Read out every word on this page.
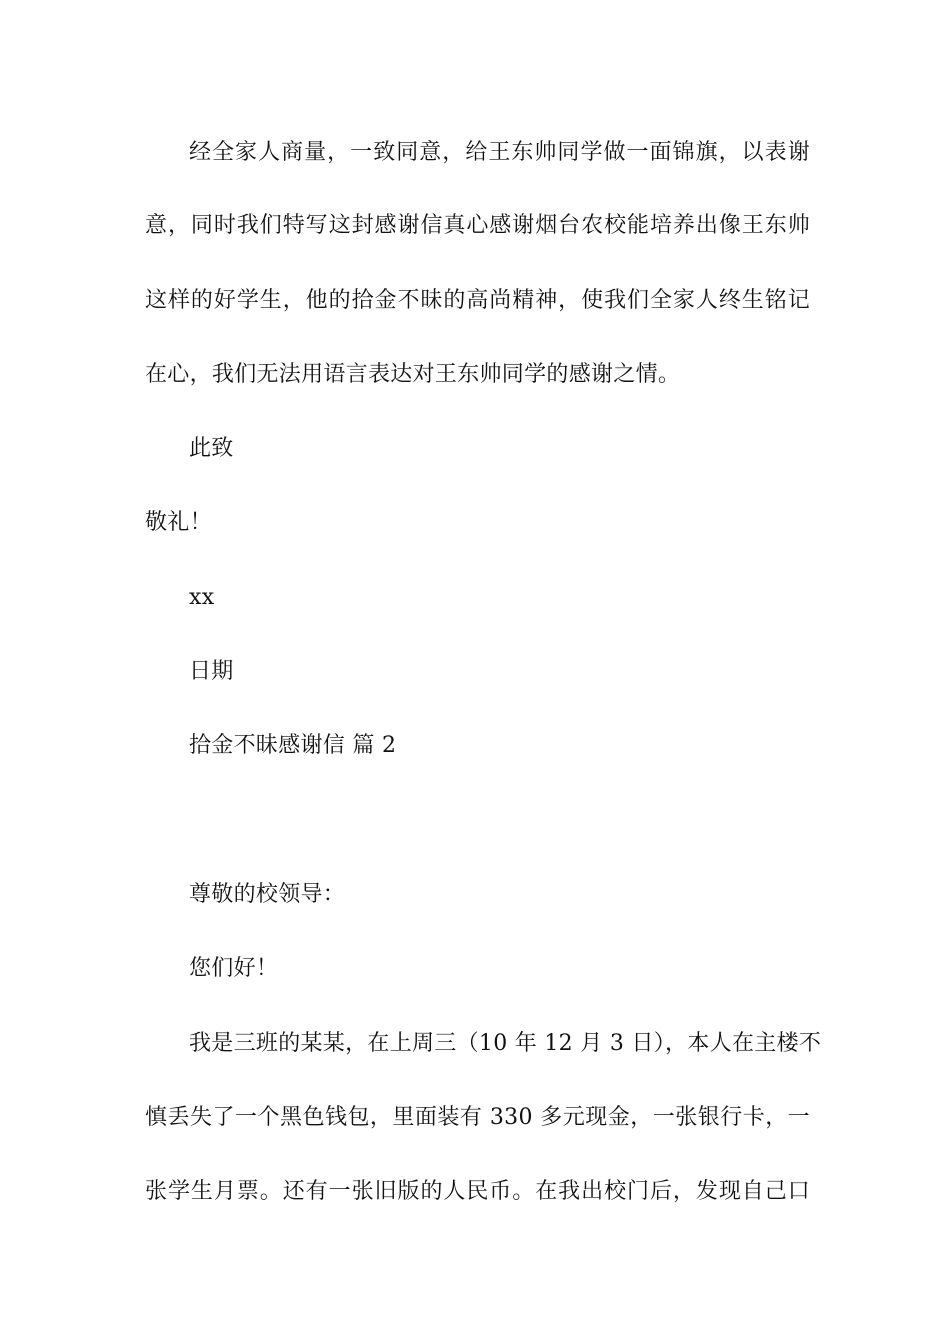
经全家人商量，一致同意，给王东帅同学做一面锦旗，以表谢
意，同时我们特写这封感谢信真心感谢烟台农校能培养出像王东帅
这样的好学生，他的拾金不昧的高尚精神，使我们全家人终生铭记
在心，我们无法用语言表达对王东帅同学的感谢之情。
此致
敬礼！
xx
日期
拾金不昧感谢信 篇 2
尊敬的校领导：
您们好！
我是三班的某某，在上周三（10 年 12 月 3 日），本人在主楼不
慎丢失了一个黑色钱包，里面装有 330 多元现金，一张银行卡，一
张学生月票。还有一张旧版的人民币。在我出校门后，发现自己口
